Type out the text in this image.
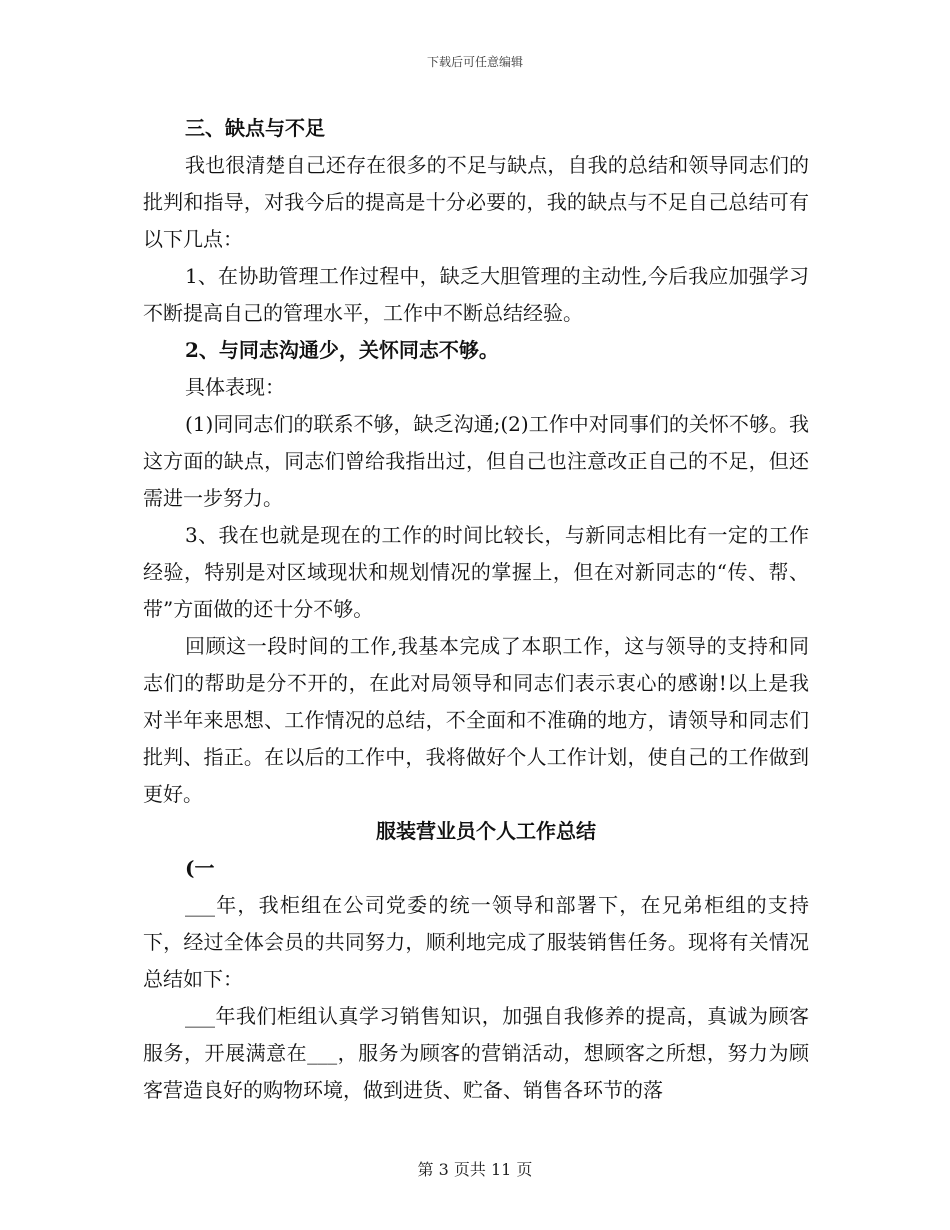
下载后可任意编辑

三、缺点与不足

我也很清楚自己还存在很多的不足与缺点，自我的总结和领导同志们的批判和指导，对我今后的提高是十分必要的，我的缺点与不足自己总结可有以下几点：

1、在协助管理工作过程中，缺乏大胆管理的主动性,今后我应加强学习不断提高自己的管理水平，工作中不断总结经验。

2、与同志沟通少，关怀同志不够。

具体表现：

(1)同同志们的联系不够，缺乏沟通;(2)工作中对同事们的关怀不够。我这方面的缺点，同志们曾给我指出过，但自己也注意改正自己的不足，但还需进一步努力。

3、我在也就是现在的工作的时间比较长，与新同志相比有一定的工作经验，特别是对区域现状和规划情况的掌握上，但在对新同志的“传、帮、带”方面做的还十分不够。

回顾这一段时间的工作,我基本完成了本职工作，这与领导的支持和同志们的帮助是分不开的，在此对局领导和同志们表示衷心的感谢!以上是我对半年来思想、工作情况的总结，不全面和不准确的地方，请领导和同志们批判、指正。在以后的工作中，我将做好个人工作计划，使自己的工作做到更好。

服装营业员个人工作总结

(一

___年，我柜组在公司党委的统一领导和部署下，在兄弟柜组的支持下，经过全体会员的共同努力，顺利地完成了服装销售任务。现将有关情况总结如下：

___年我们柜组认真学习销售知识，加强自我修养的提高，真诚为顾客服务，开展满意在___，服务为顾客的营销活动，想顾客之所想，努力为顾客营造良好的购物环境，做到进货、贮备、销售各环节的落

第 3 页共 11 页
